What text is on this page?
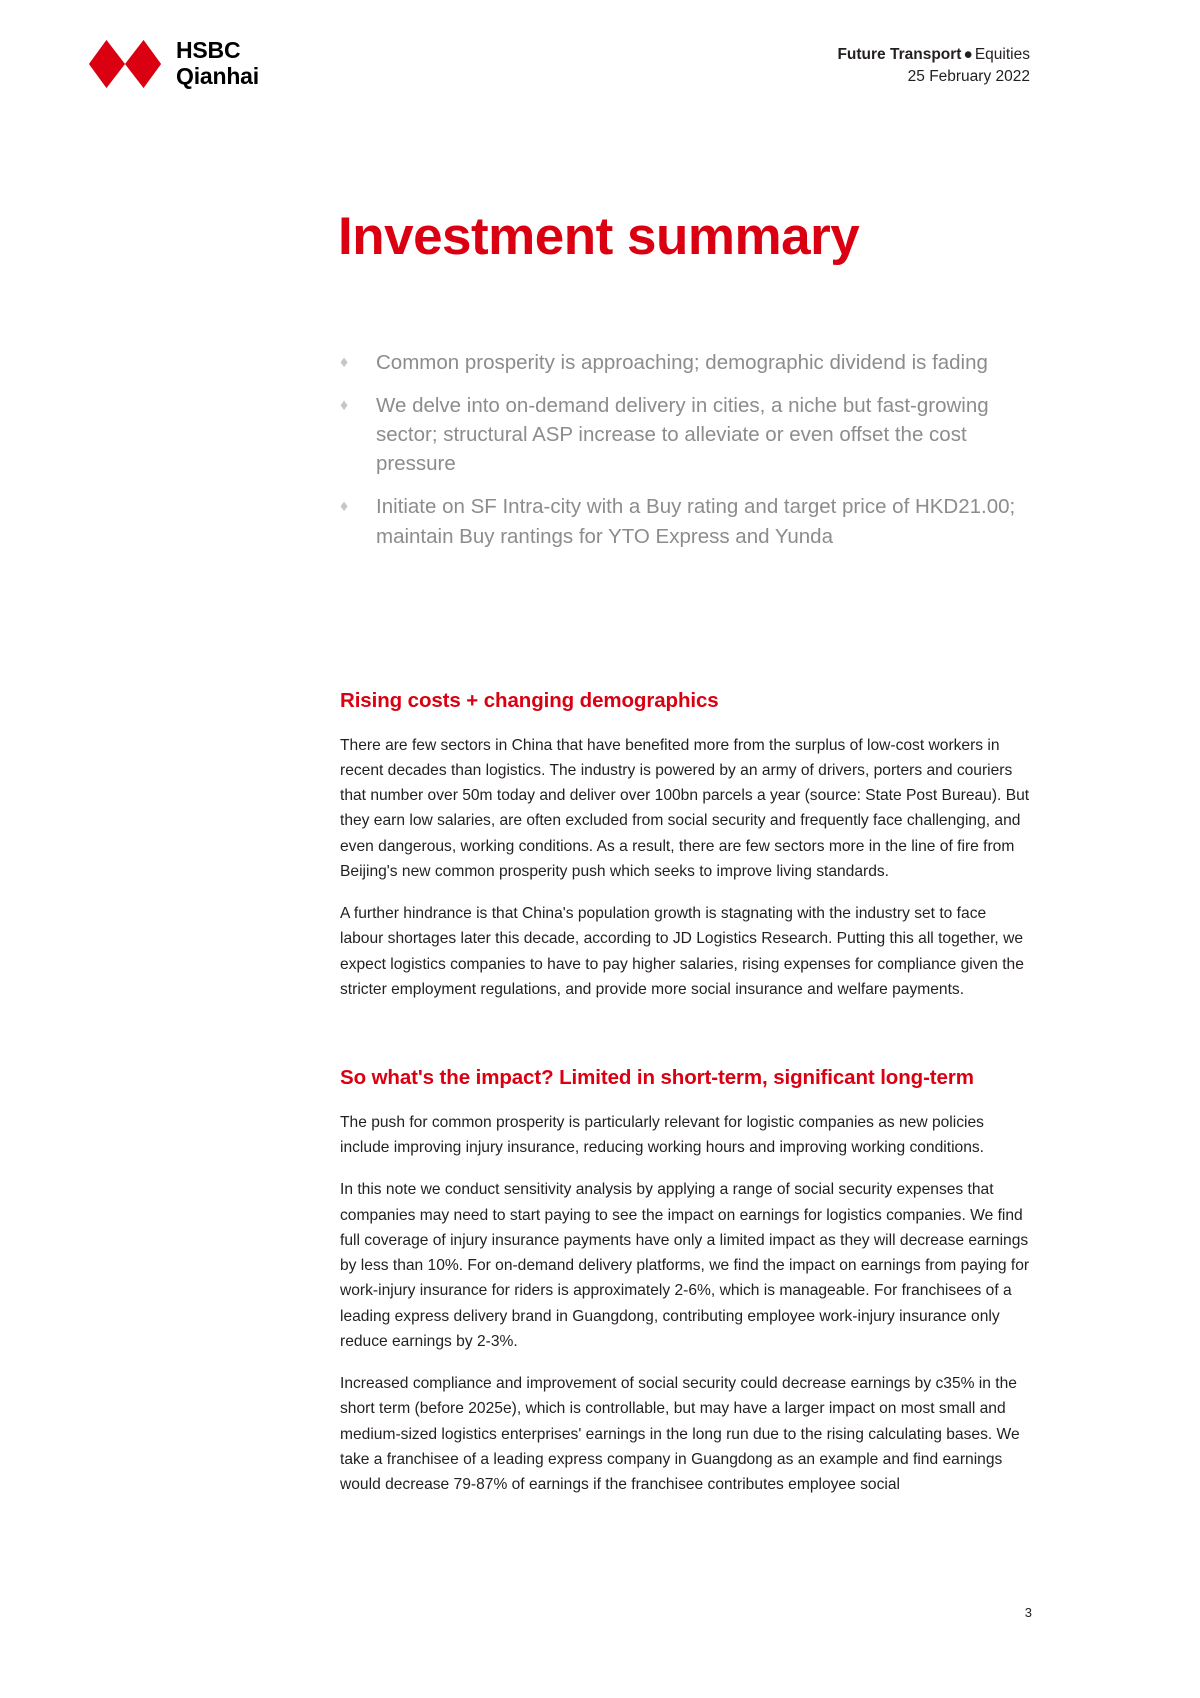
HSBC
Qianhai
Future Transport ● Equities
25 February 2022
Investment summary
♦ Common prosperity is approaching; demographic dividend is fading
♦ We delve into on-demand delivery in cities, a niche but fast-growing sector; structural ASP increase to alleviate or even offset the cost pressure
♦ Initiate on SF Intra-city with a Buy rating and target price of HKD21.00; maintain Buy rantings for YTO Express and Yunda
Rising costs + changing demographics

There are few sectors in China that have benefited more from the surplus of low-cost workers in recent decades than logistics. The industry is powered by an army of drivers, porters and couriers that number over 50m today and deliver over 100bn parcels a year (source: State Post Bureau). But they earn low salaries, are often excluded from social security and frequently face challenging, and even dangerous, working conditions. As a result, there are few sectors more in the line of fire from Beijing's new common prosperity push which seeks to improve living standards.

A further hindrance is that China's population growth is stagnating with the industry set to face labour shortages later this decade, according to JD Logistics Research. Putting this all together, we expect logistics companies to have to pay higher salaries, rising expenses for compliance given the stricter employment regulations, and provide more social insurance and welfare payments.

So what's the impact? Limited in short-term, significant long-term

The push for common prosperity is particularly relevant for logistic companies as new policies include improving injury insurance, reducing working hours and improving working conditions.

In this note we conduct sensitivity analysis by applying a range of social security expenses that companies may need to start paying to see the impact on earnings for logistics companies. We find full coverage of injury insurance payments have only a limited impact as they will decrease earnings by less than 10%. For on-demand delivery platforms, we find the impact on earnings from paying for work-injury insurance for riders is approximately 2-6%, which is manageable. For franchisees of a leading express delivery brand in Guangdong, contributing employee work-injury insurance only reduce earnings by 2-3%.

Increased compliance and improvement of social security could decrease earnings by c35% in the short term (before 2025e), which is controllable, but may have a larger impact on most small and medium-sized logistics enterprises' earnings in the long run due to the rising calculating bases. We take a franchisee of a leading express company in Guangdong as an example and find earnings would decrease 79-87% of earnings if the franchisee contributes employee social

3
